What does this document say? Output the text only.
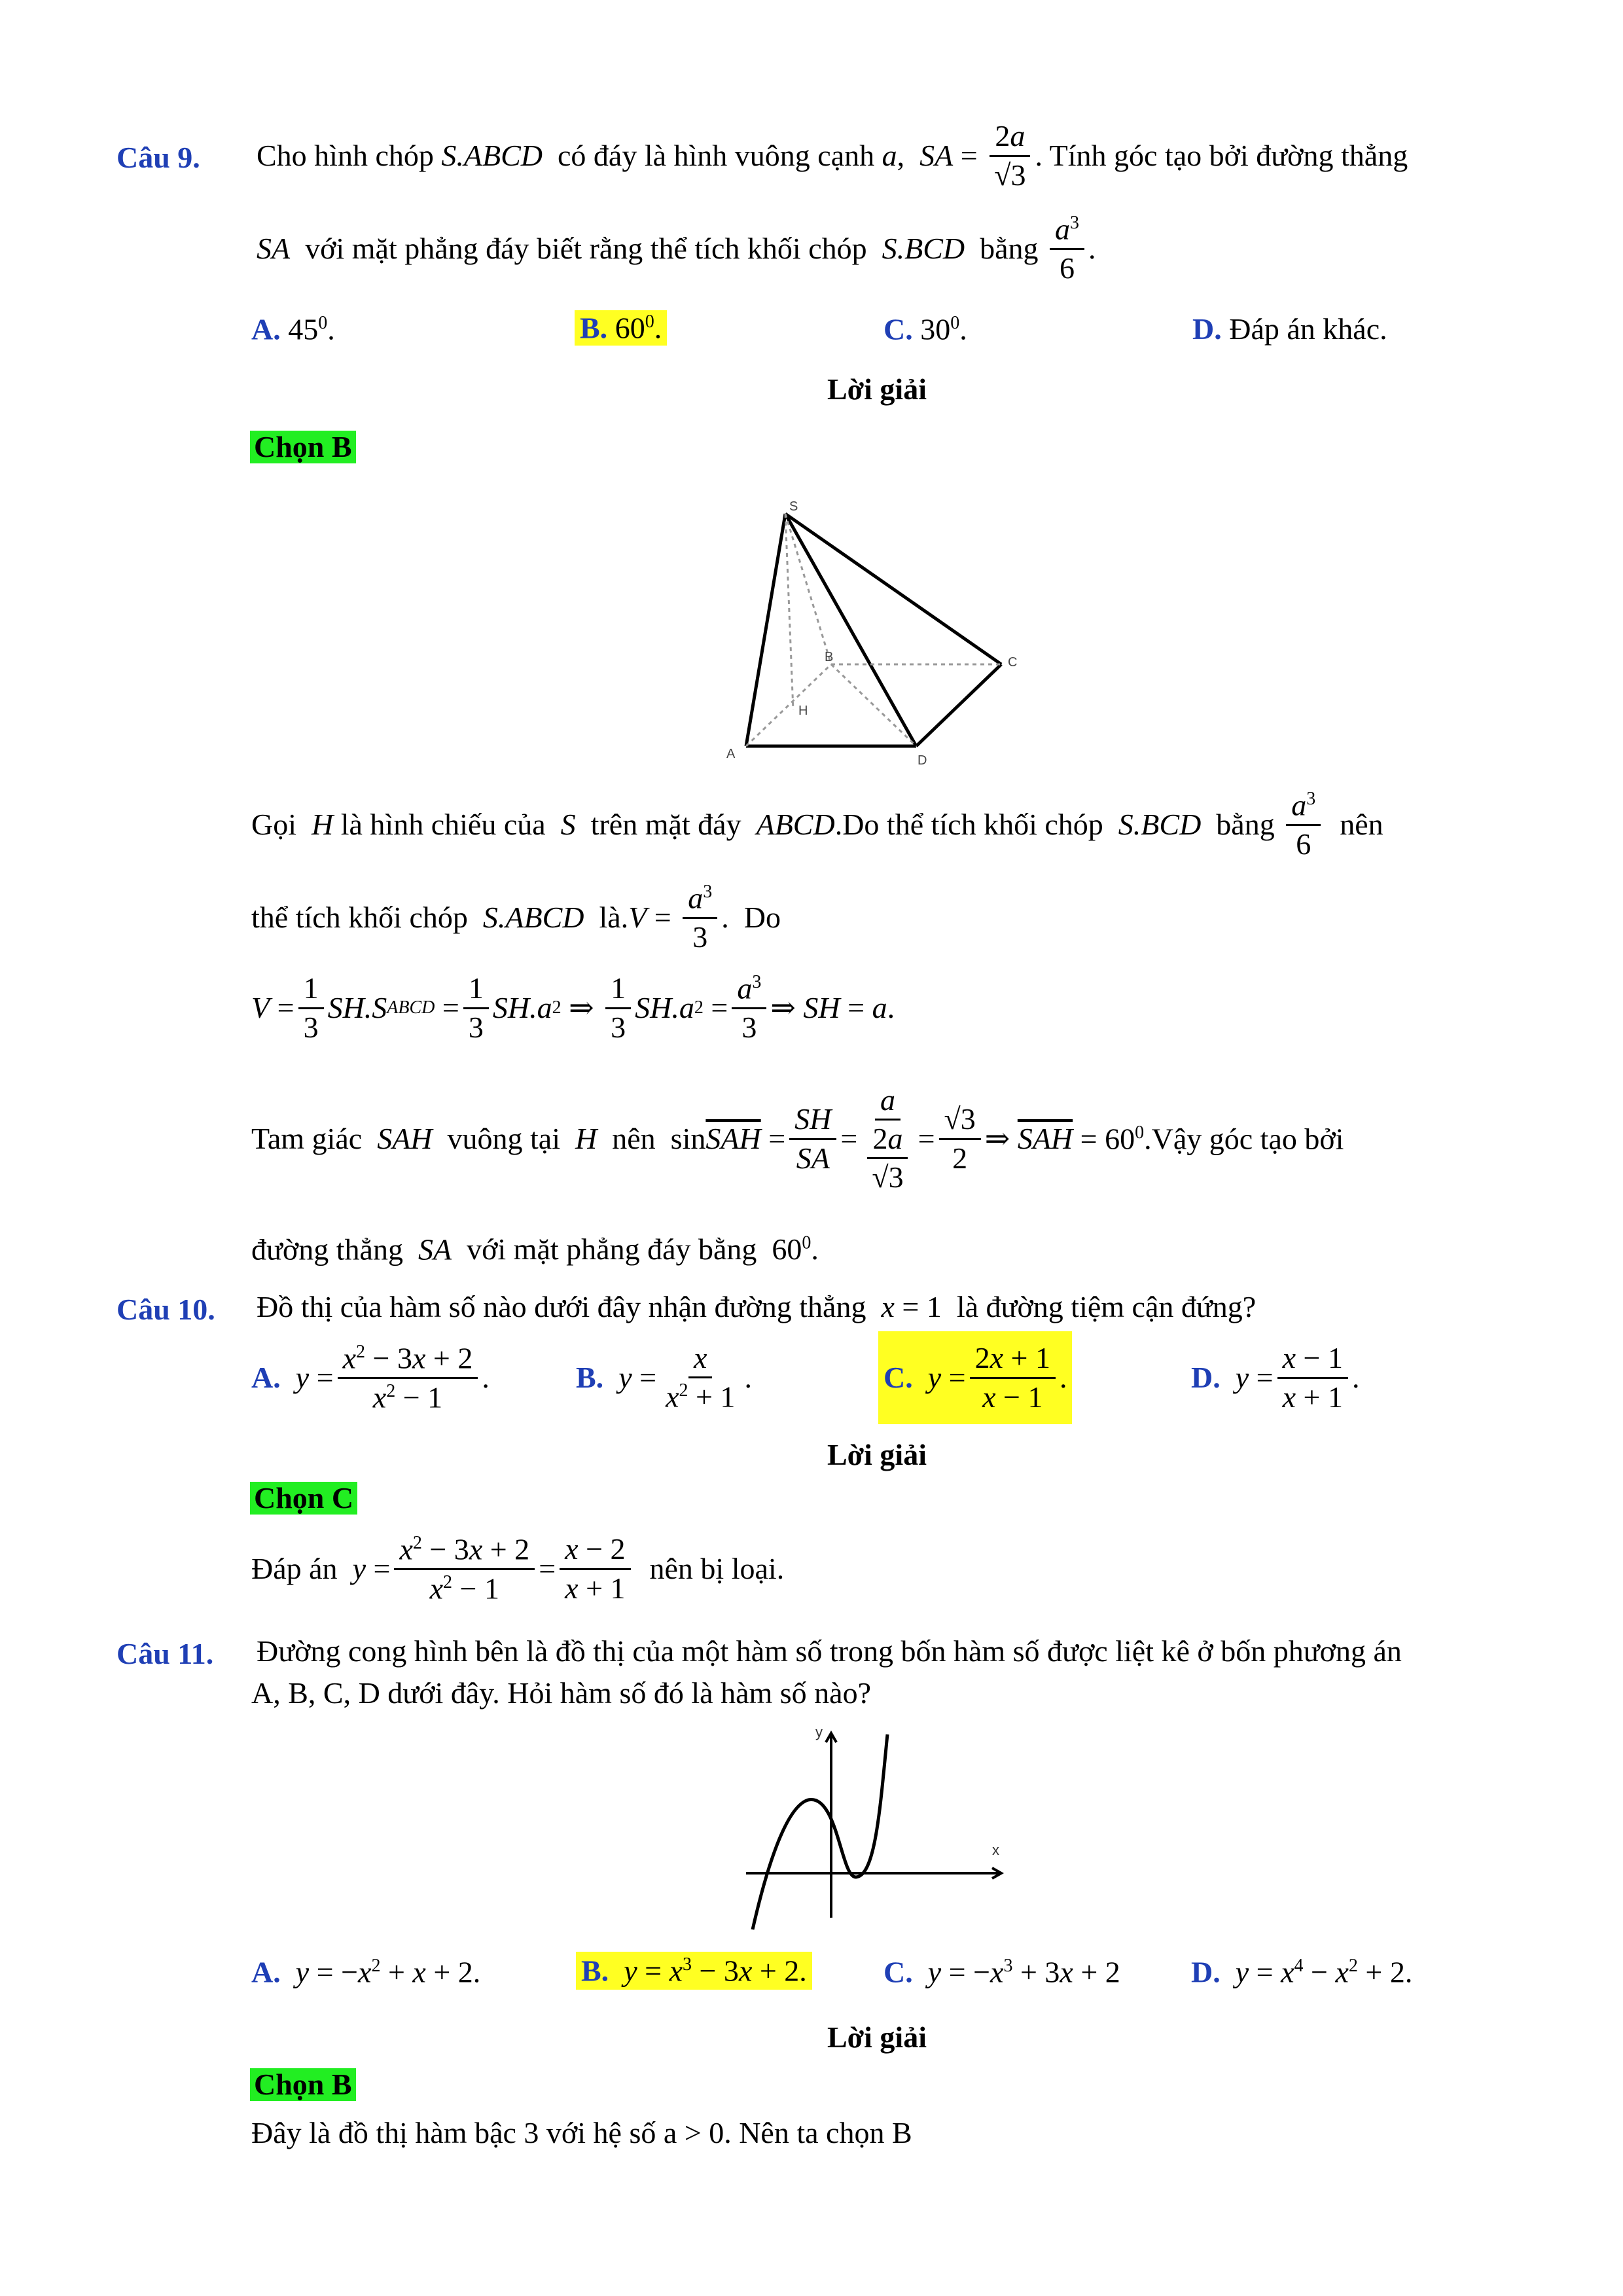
Câu 9. Cho hình chóp S.ABCD có đáy là hình vuông cạnh a , SA = $\frac{2a}{√3}$ . Tính góc tạo bởi đường thẳng
SA với mặt phẳng đáy biết rằng thể tích khối chóp S.BCD bằng $\frac{a^3}{6}$ .
A. $45^0$.	B. $60^0$.	C. $30^0$.	D. Đáp án khác.
Lời giải
Chọn B
S
B	C
H
A	D
Gọi H là hình chiếu của S trên mặt đáy ABCD .Do thể tích khối chóp S.BCD bằng $\frac{a^3}{6}$ nên
thể tích khối chóp S.ABCD là. $V = \frac{a^3}{3}$ .  Do
$V = \frac{1}{3} SH.S$ ABCD = $\frac{1}{3} SH.a$ 2 ⇒ $\frac{1}{3} SH.a$ $2 = \frac{a^3}{3}$ ⇒ SH = a .
Tam giác SAH vuông tại H nên  $\sin \overline{SAH} = \frac{SH}{SA} = \frac{a}{\frac{2a}{√3}} = \frac{√3}{2}$ ⇒ $\overline{SAH}$ = $60^0.Vậy$ góc tạo bởi
đường thẳng  SA  với mặt phẳng đáy bằng  $60^0$.
Câu 10. Đồ thị của hàm số nào dưới đây nhận đường thẳng  x = 1  là đường tiệm cận đứng?
A.
$y = \frac{x^2 - 3x + 2}{x^2 - 1}$ .	B.
$y = \frac{x}{x^2 + 1}$ .	C.
$y = \frac{2x + 1}{x - 1}$ .	D.
$y = \frac{x - 1}{x + 1}$ .
Lời giải
Chọn C
Đáp án $y = \frac{x^2 - 3x + 2}{x^2 - 1} = \frac{x - 2}{x + 1}$ nên bị loại.
Câu 11. Đường cong hình bên là đồ thị của một hàm số trong bốn hàm số được liệt kê ở bốn phương án
A, B, C, D dưới đây. Hỏi hàm số đó là hàm số nào?
y
x
A. $y = -x^2 + x + 2$.	B. $y = x^3 - 3x + 2$.	C. $y = -x^3 + 3x + 2$ D. $y = x^4 - x^2 + 2$.
Lời giải
Chọn B
Đây là đồ thị hàm bậc 3 với hệ số a > 0. Nên ta chọn B
